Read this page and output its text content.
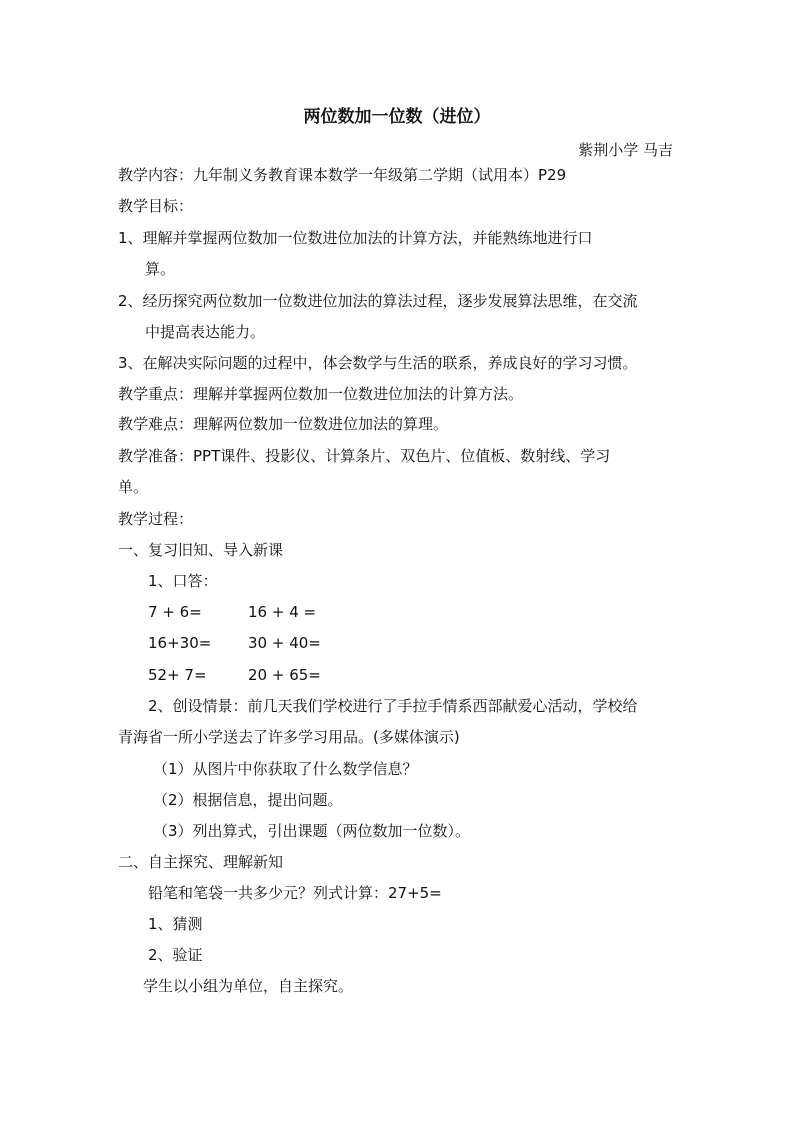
两位数加一位数（进位）
紫荆小学 马吉
教学内容：九年制义务教育课本数学一年级第二学期（试用本）P29
教学目标：
1、理解并掌握两位数加一位数进位加法的计算方法，并能熟练地进行口
算。
2、经历探究两位数加一位数进位加法的算法过程，逐步发展算法思维，在交流
中提高表达能力。
3、在解决实际问题的过程中，体会数学与生活的联系，养成良好的学习习惯。
教学重点：理解并掌握两位数加一位数进位加法的计算方法。
教学难点：理解两位数加一位数进位加法的算理。
教学准备：PPT课件、投影仪、计算条片、双色片、位值板、数射线、学习
单。
教学过程：
一、复习旧知、导入新课
1、口答：
7 + 6=	16 + 4 =
16+30= 30 + 40=
52+ 7=	20 + 65=
2、创设情景：前几天我们学校进行了手拉手情系西部献爱心活动，学校给
青海省一所小学送去了许多学习用品。(多媒体演示)
（1）从图片中你获取了什么数学信息？
（2）根据信息，提出问题。
（3）列出算式，引出课题（两位数加一位数）。
二、自主探究、理解新知
铅笔和笔袋一共多少元？列式计算：27+5=
1、猜测
2、验证
学生以小组为单位，自主探究。
